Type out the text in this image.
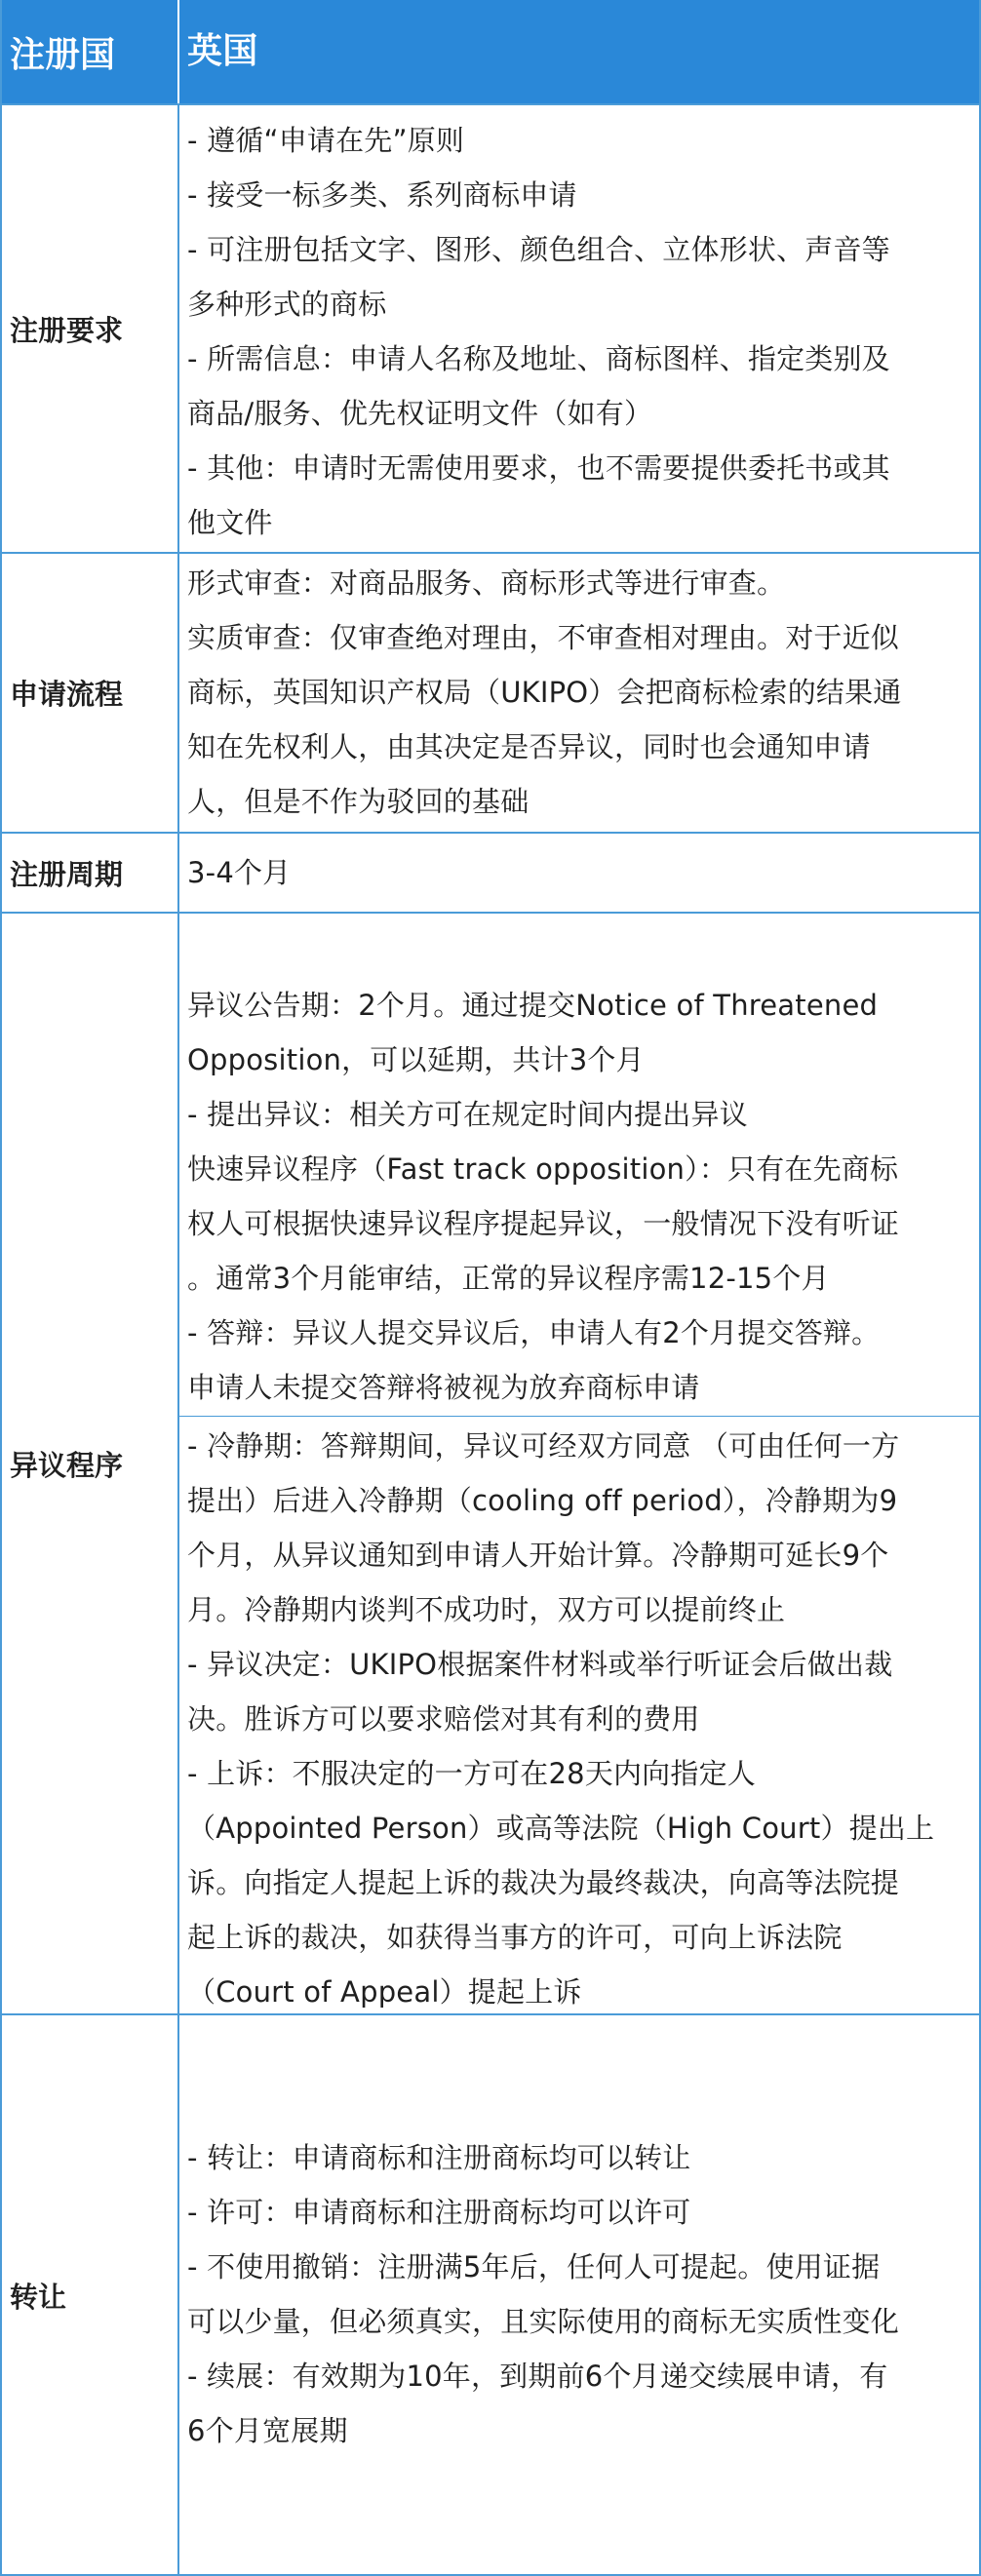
注册国	英国
注册要求
- 遵循“申请在先”原则
- 接受一标多类、系列商标申请
- 可注册包括文字、图形、颜色组合、立体形状、声音等
多种形式的商标
- 所需信息：申请人名称及地址、商标图样、指定类别及
商品/服务、优先权证明文件（如有）
- 其他：申请时无需使用要求，也不需要提供委托书或其
他文件
申请流程
形式审查：对商品服务、商标形式等进行审查。
实质审查：仅审查绝对理由，不审查相对理由。对于近似
商标，英国知识产权局（UKIPO）会把商标检索的结果通
知在先权利人，由其决定是否异议，同时也会通知申请
人，但是不作为驳回的基础
注册周期	3-4个月
异议程序
异议公告期：2个月。通过提交Notice of Threatened
Opposition，可以延期，共计3个月
- 提出异议：相关方可在规定时间内提出异议
快速异议程序（Fast track opposition）：只有在先商标
权人可根据快速异议程序提起异议，一般情况下没有听证
。通常3个月能审结，正常的异议程序需12-15个月
- 答辩：异议人提交异议后，申请人有2个月提交答辩。
申请人未提交答辩将被视为放弃商标申请
- 冷静期：答辩期间，异议可经双方同意 （可由任何一方
提出）后进入冷静期（cooling off period），冷静期为9
个月，从异议通知到申请人开始计算。冷静期可延长9个
月。冷静期内谈判不成功时，双方可以提前终止
- 异议决定：UKIPO根据案件材料或举行听证会后做出裁
决。胜诉方可以要求赔偿对其有利的费用
- 上诉：不服决定的一方可在28天内向指定人
（Appointed Person）或高等法院（High Court）提出上
诉。向指定人提起上诉的裁决为最终裁决，向高等法院提
起上诉的裁决，如获得当事方的许可，可向上诉法院
（Court of Appeal）提起上诉
转让
- 转让：申请商标和注册商标均可以转让
- 许可：申请商标和注册商标均可以许可
- 不使用撤销：注册满5年后，任何人可提起。使用证据
可以少量，但必须真实，且实际使用的商标无实质性变化
- 续展：有效期为10年，到期前6个月递交续展申请，有
6个月宽展期
